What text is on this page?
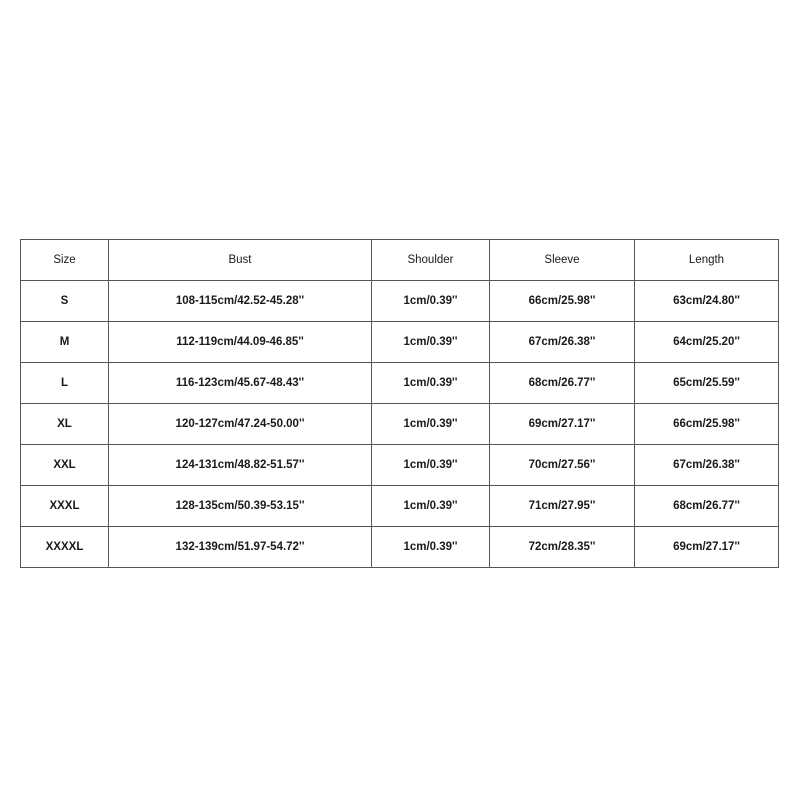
Size	Bust	Shoulder	Sleeve	Length
S	108-115cm/42.52-45.28''	1cm/0.39''	66cm/25.98''	63cm/24.80''
M	112-119cm/44.09-46.85''	1cm/0.39''	67cm/26.38''	64cm/25.20''
L	116-123cm/45.67-48.43''	1cm/0.39''	68cm/26.77''	65cm/25.59''
XL	120-127cm/47.24-50.00''	1cm/0.39''	69cm/27.17''	66cm/25.98''
XXL	124-131cm/48.82-51.57''	1cm/0.39''	70cm/27.56''	67cm/26.38''
XXXL	128-135cm/50.39-53.15''	1cm/0.39''	71cm/27.95''	68cm/26.77''
XXXXL	132-139cm/51.97-54.72''	1cm/0.39''	72cm/28.35''	69cm/27.17''
